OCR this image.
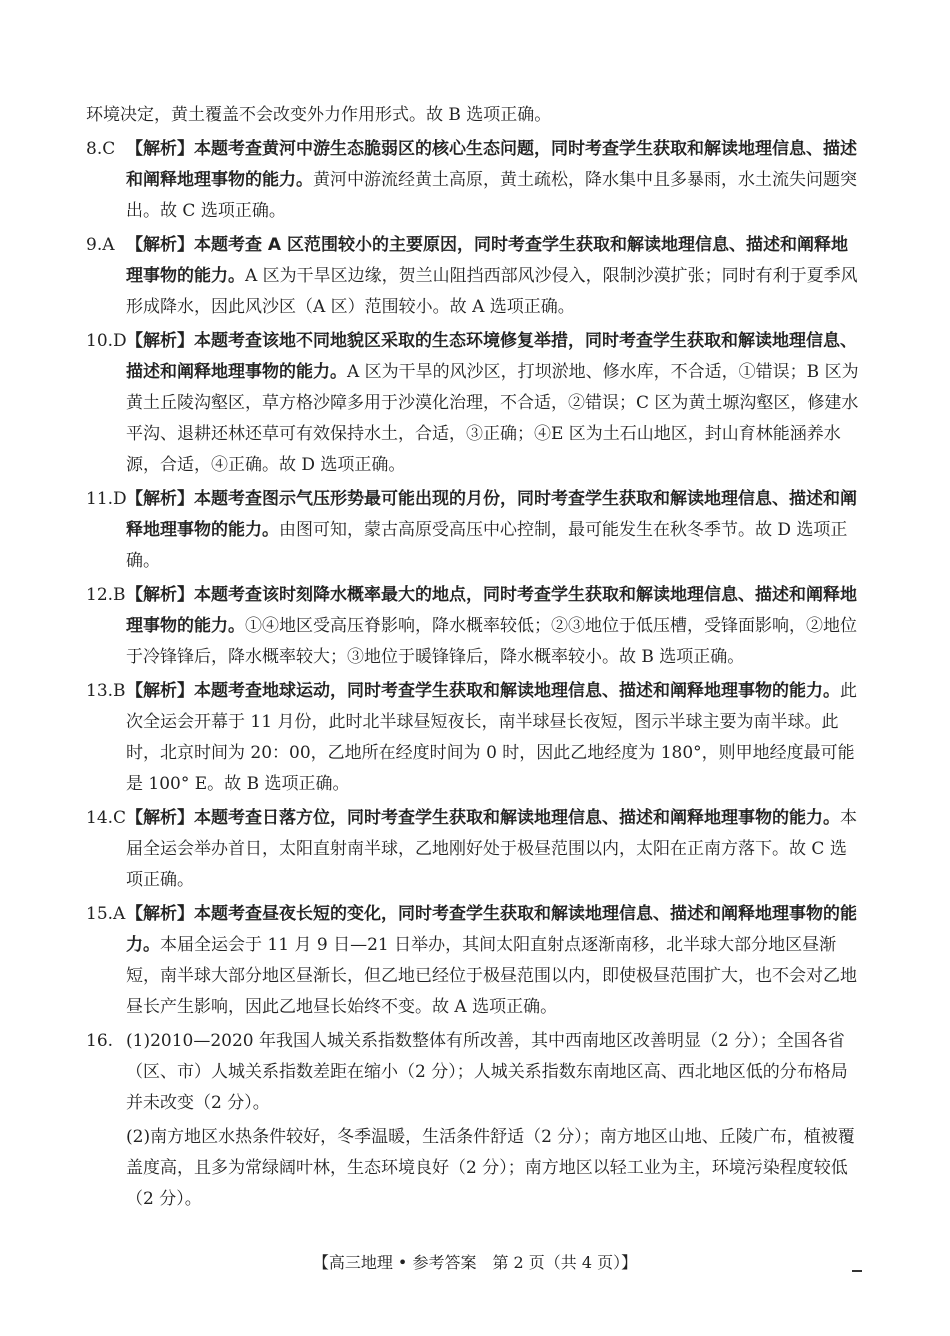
环境决定，黄土覆盖不会改变外力作用形式。故 B 选项正确。

8.C 【解析】本题考查黄河中游生态脆弱区的核心生态问题，同时考查学生获取和解读地理信息、描述和阐释地理事物的能力。黄河中游流经黄土高原，黄土疏松，降水集中且多暴雨，水土流失问题突出。故 C 选项正确。
9.A 【解析】本题考查 A 区范围较小的主要原因，同时考查学生获取和解读地理信息、描述和阐释地理事物的能力。A 区为干旱区边缘，贺兰山阻挡西部风沙侵入，限制沙漠扩张；同时有利于夏季风形成降水，因此风沙区（A 区）范围较小。故 A 选项正确。
10.D 【解析】本题考查该地不同地貌区采取的生态环境修复举措，同时考查学生获取和解读地理信息、描述和阐释地理事物的能力。A 区为干旱的风沙区，打坝淤地、修水库，不合适，①错误；B 区为黄土丘陵沟壑区，草方格沙障多用于沙漠化治理，不合适，②错误；C 区为黄土塬沟壑区，修建水平沟、退耕还林还草可有效保持水土，合适，③正确；④E 区为土石山地区，封山育林能涵养水源，合适，④正确。故 D 选项正确。
11.D 【解析】本题考查图示气压形势最可能出现的月份，同时考查学生获取和解读地理信息、描述和阐释地理事物的能力。由图可知，蒙古高原受高压中心控制，最可能发生在秋冬季节。故 D 选项正确。
12.B 【解析】本题考查该时刻降水概率最大的地点，同时考查学生获取和解读地理信息、描述和阐释地理事物的能力。①④地区受高压脊影响，降水概率较低；②③地位于低压槽，受锋面影响，②地位于冷锋锋后，降水概率较大；③地位于暖锋锋后，降水概率较小。故 B 选项正确。
13.B 【解析】本题考查地球运动，同时考查学生获取和解读地理信息、描述和阐释地理事物的能力。此次全运会开幕于 11 月份，此时北半球昼短夜长，南半球昼长夜短，图示半球主要为南半球。此时，北京时间为 20：00，乙地所在经度时间为 0 时，因此乙地经度为 180°，则甲地经度最可能是 100° E。故 B 选项正确。
14.C 【解析】本题考查日落方位，同时考查学生获取和解读地理信息、描述和阐释地理事物的能力。本届全运会举办首日，太阳直射南半球，乙地刚好处于极昼范围以内，太阳在正南方落下。故 C 选项正确。
15.A 【解析】本题考查昼夜长短的变化，同时考查学生获取和解读地理信息、描述和阐释地理事物的能力。本届全运会于 11 月 9 日—21 日举办，其间太阳直射点逐渐南移，北半球大部分地区昼渐短，南半球大部分地区昼渐长，但乙地已经位于极昼范围以内，即使极昼范围扩大，也不会对乙地昼长产生影响，因此乙地昼长始终不变。故 A 选项正确。
16. (1)2010—2020 年我国人城关系指数整体有所改善，其中西南地区改善明显（2 分）；全国各省（区、市）人城关系指数差距在缩小（2 分）；人城关系指数东南地区高、西北地区低的分布格局并未改变（2 分）。
(2)南方地区水热条件较好，冬季温暖，生活条件舒适（2 分）；南方地区山地、丘陵广布，植被覆盖度高，且多为常绿阔叶林，生态环境良好（2 分）；南方地区以轻工业为主，环境污染程度较低（2 分）。
【高三地理 • 参考答案　第 2 页（共 4 页）】
